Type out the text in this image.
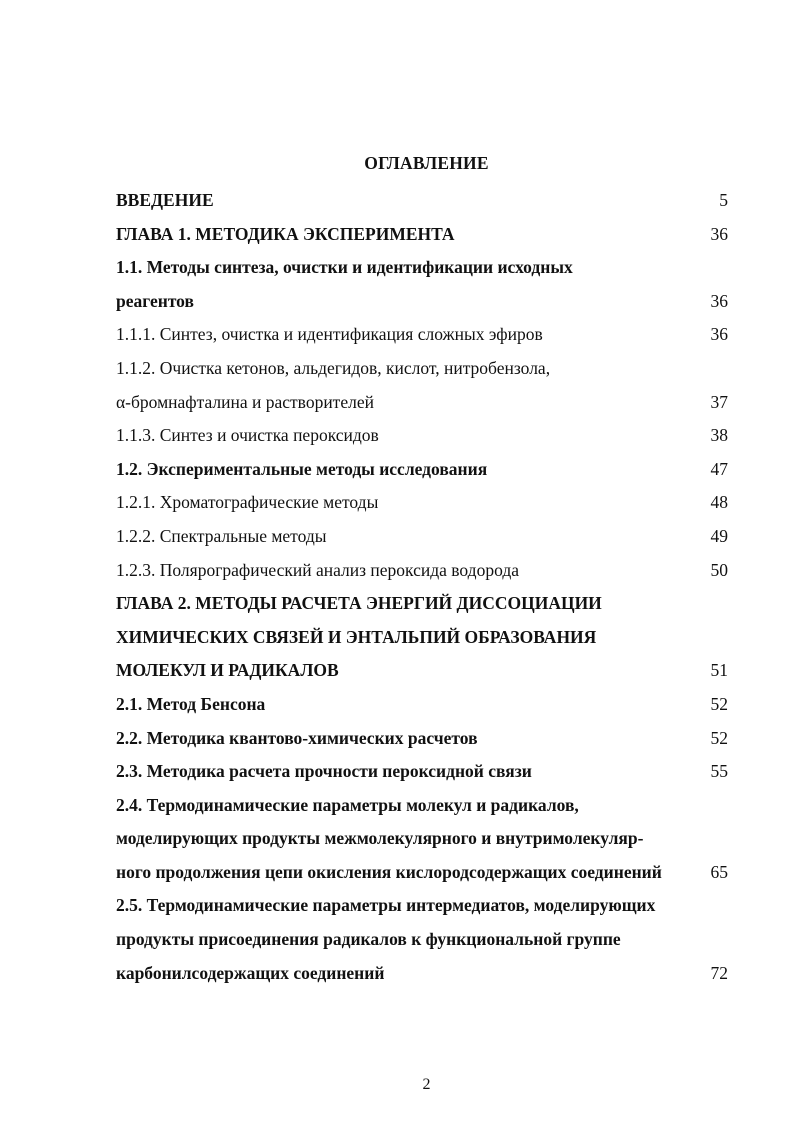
ОГЛАВЛЕНИЕ
ВВЕДЕНИЕ	5
ГЛАВА 1. МЕТОДИКА ЭКСПЕРИМЕНТА	36
1.1. Методы синтеза, очистки и идентификации исходных
реагентов	36
1.1.1. Синтез, очистка и идентификация сложных эфиров	36
1.1.2. Очистка кетонов, альдегидов, кислот, нитробензола,
α-бромнафталина и растворителей	37
1.1.3. Синтез и очистка пероксидов	38
1.2. Экспериментальные методы исследования	47
1.2.1. Хроматографические методы	48
1.2.2. Спектральные методы	49
1.2.3. Полярографический анализ пероксида водорода	50
ГЛАВА 2. МЕТОДЫ РАСЧЕТА ЭНЕРГИЙ ДИССОЦИАЦИИ
ХИМИЧЕСКИХ СВЯЗЕЙ И ЭНТАЛЬПИЙ ОБРАЗОВАНИЯ
МОЛЕКУЛ И РАДИКАЛОВ	51
2.1. Метод Бенсона	52
2.2. Методика квантово-химических расчетов	52
2.3. Методика расчета прочности пероксидной связи	55
2.4. Термодинамические параметры молекул и радикалов,
моделирующих продукты межмолекулярного и внутримолекуляр-
ного продолжения цепи окисления кислородсодержащих соединений	65
2.5. Термодинамические параметры интермедиатов, моделирующих
продукты присоединения радикалов к функциональной группе
карбонилсодержащих соединений	72
2
